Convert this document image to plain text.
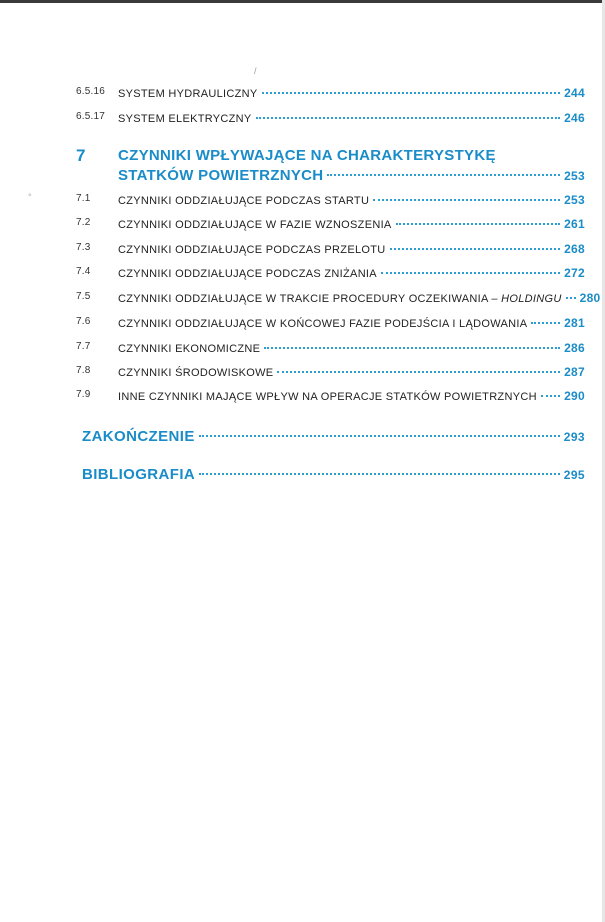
/
°
6.5.16 SYSTEM HYDRAULICZNY	244
6.5.17 SYSTEM ELEKTRYCZNY	246
7 CZYNNIKI WPŁYWAJĄCE NA CHARAKTERYSTYKĘ
STATKÓW POWIETRZNYCH	253
7.1 CZYNNIKI ODDZIAŁUJĄCE PODCZAS STARTU	253
7.2 CZYNNIKI ODDZIAŁUJĄCE W FAZIE WZNOSZENIA	261
7.3 CZYNNIKI ODDZIAŁUJĄCE PODCZAS PRZELOTU	268
7.4 CZYNNIKI ODDZIAŁUJĄCE PODCZAS ZNIŻANIA	272
7.5 CZYNNIKI ODDZIAŁUJĄCE W TRAKCIE PROCEDURY OCZEKIWANIA – HOLDINGU 280
7.6 CZYNNIKI ODDZIAŁUJĄCE W KOŃCOWEJ FAZIE PODEJŚCIA I LĄDOWANIA	281
7.7 CZYNNIKI EKONOMICZNE	286
7.8 CZYNNIKI ŚRODOWISKOWE	287
7.9 INNE CZYNNIKI MAJĄCE WPŁYW NA OPERACJE STATKÓW POWIETRZNYCH 290
ZAKOŃCZENIE	293
BIBLIOGRAFIA	295
